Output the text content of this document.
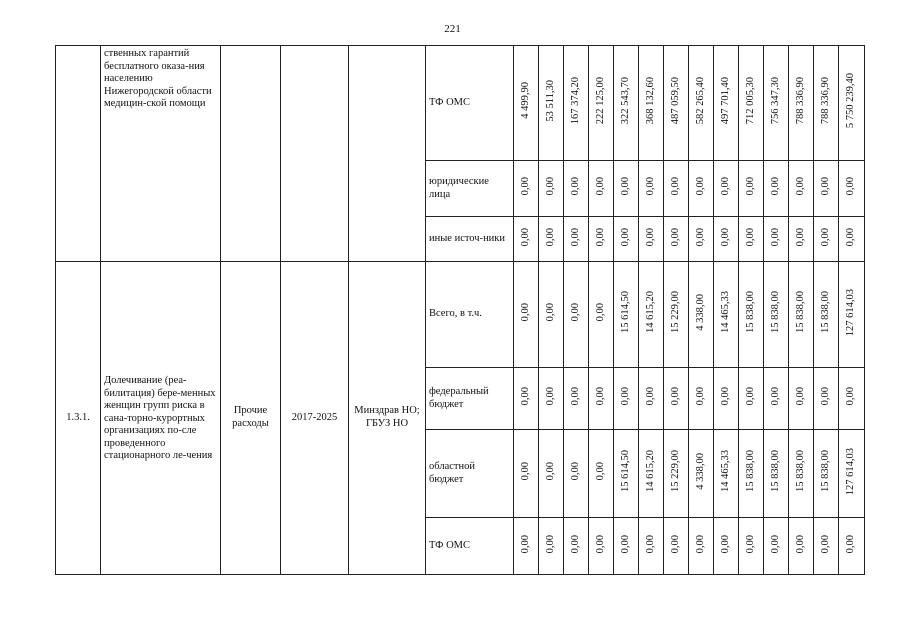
221
	ственных гарантий бесплатного оказа-ния населению Нижегородской области медицин-ской помощи				ТФ ОМС	4 499,90	53 511,30	167 374,20	222 125,00	322 543,70	368 132,60	487 059,50	582 265,40	497 701,40	712 005,30	756 347,30	788 336,90	788 336,90	5 750 239,40
					юридические лица	0,00	0,00	0,00	0,00	0,00	0,00	0,00	0,00	0,00	0,00	0,00	0,00	0,00	0,00
					иные источ-ники	0,00	0,00	0,00	0,00	0,00	0,00	0,00	0,00	0,00	0,00	0,00	0,00	0,00	0,00
1.3.1.	Долечивание (реа-билитация) бере-менных женщин групп риска в сана-торно-курортных организациях по-сле проведенного стационарного ле-чения	Прочие расходы	2017-2025	Минздрав НО; ГБУЗ НО	Всего, в т.ч.	0,00	0,00	0,00	0,00	15 614,50	14 615,20	15 229,00	4 338,00	14 465,33	15 838,00	15 838,00	15 838,00	15 838,00	127 614,03
					федеральный бюджет	0,00	0,00	0,00	0,00	0,00	0,00	0,00	0,00	0,00	0,00	0,00	0,00	0,00	0,00
					областной бюджет	0,00	0,00	0,00	0,00	15 614,50	14 615,20	15 229,00	4 338,00	14 465,33	15 838,00	15 838,00	15 838,00	15 838,00	127 614,03
					ТФ ОМС	0,00	0,00	0,00	0,00	0,00	0,00	0,00	0,00	0,00	0,00	0,00	0,00	0,00	0,00
